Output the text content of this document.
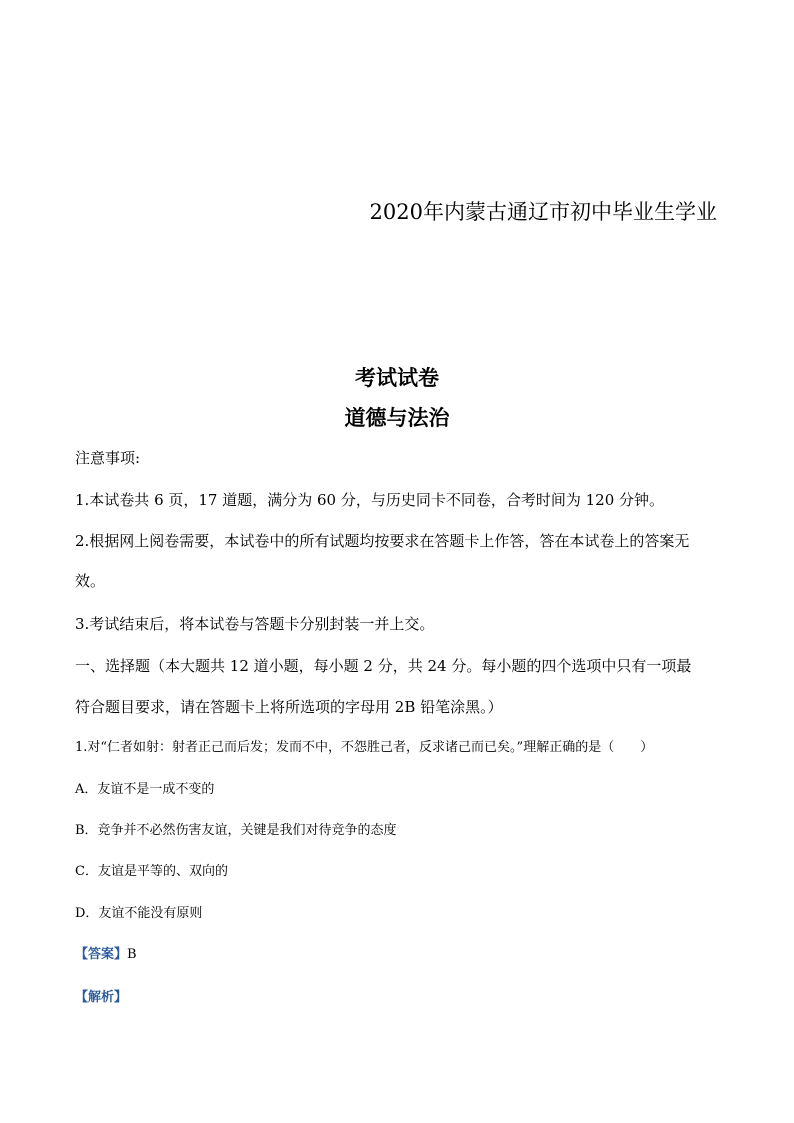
2020年内蒙古通辽市初中毕业生学业
考试试卷
道德与法治
注意事项:
1.本试卷共 6 页，17 道题，满分为 60 分，与历史同卡不同卷，合考时间为 120 分钟。
2.根据网上阅卷需要，本试卷中的所有试题均按要求在答题卡上作答，答在本试卷上的答案无
效。
3.考试结束后，将本试卷与答题卡分别封装一并上交。
一、选择题（本大题共 12 道小题，每小题 2 分，共 24 分。每小题的四个选项中只有一项最
符合题目要求，请在答题卡上将所选项的字母用 2B 铅笔涂黑。）
1.对“仁者如射：射者正己而后发；发而不中，不怨胜己者，反求诸己而已矣。”理解正确的是（　　）
A．友谊不是一成不变的
B．竞争并不必然伤害友谊，关键是我们对待竞争的态度
C．友谊是平等的、双向的
D．友谊不能没有原则
【答案】B
【解析】
